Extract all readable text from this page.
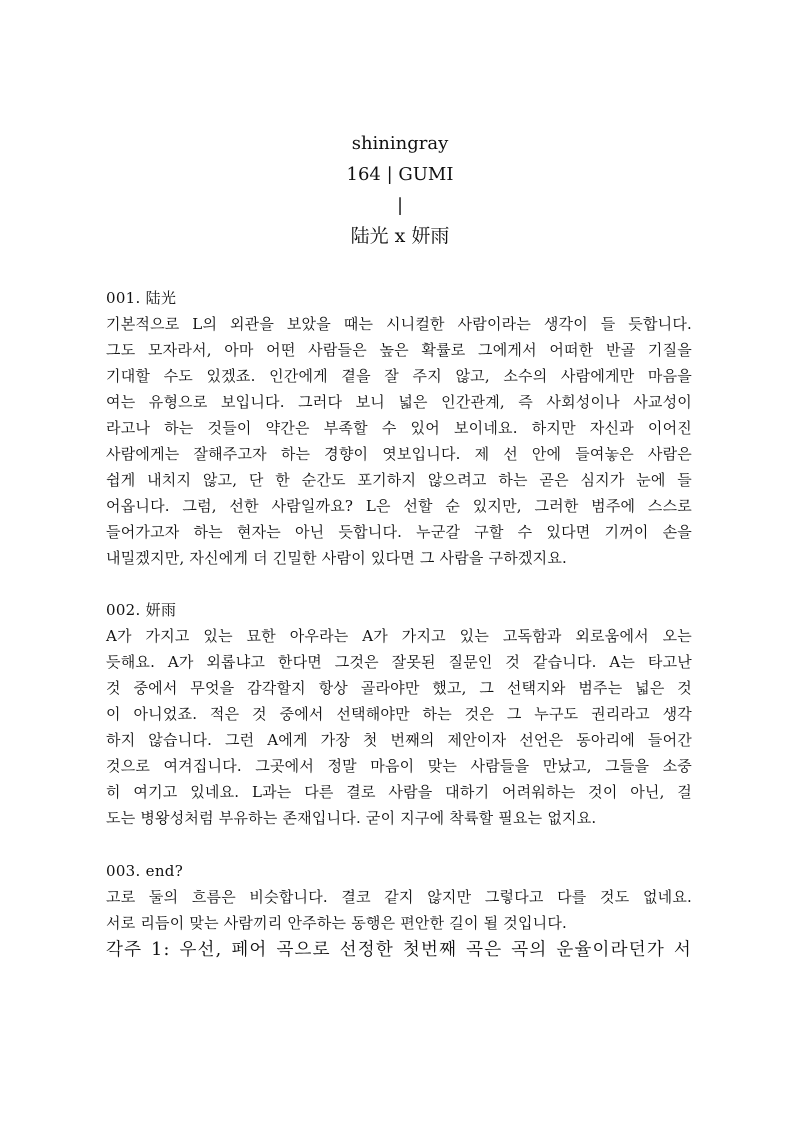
shiningray
164 | GUMI
|
陆光 x 妍雨
001. 陆光
기본적으로 L의 외관을 보았을 때는 시니컬한 사람이라는 생각이 들 듯합니다.
그도 모자라서, 아마 어떤 사람들은 높은 확률로 그에게서 어떠한 반골 기질을
기대할 수도 있겠죠. 인간에게 곁을 잘 주지 않고, 소수의 사람에게만 마음을
여는 유형으로 보입니다. 그러다 보니 넓은 인간관계, 즉 사회성이나 사교성이
라고나 하는 것들이 약간은 부족할 수 있어 보이네요. 하지만 자신과 이어진
사람에게는 잘해주고자 하는 경향이 엿보입니다. 제 선 안에 들여놓은 사람은
쉽게 내치지 않고, 단 한 순간도 포기하지 않으려고 하는 곧은 심지가 눈에 들
어옵니다. 그럼, 선한 사람일까요? L은 선할 순 있지만, 그러한 범주에 스스로
들어가고자 하는 현자는 아닌 듯합니다. 누군갈 구할 수 있다면 기꺼이 손을
내밀겠지만, 자신에게 더 긴밀한 사람이 있다면 그 사람을 구하겠지요.
002. 妍雨
A가 가지고 있는 묘한 아우라는 A가 가지고 있는 고독함과 외로움에서 오는
듯해요. A가 외롭냐고 한다면 그것은 잘못된 질문인 것 같습니다. A는 타고난
것 중에서 무엇을 감각할지 항상 골라야만 했고, 그 선택지와 범주는 넓은 것
이 아니었죠. 적은 것 중에서 선택해야만 하는 것은 그 누구도 권리라고 생각
하지 않습니다. 그런 A에게 가장 첫 번째의 제안이자 선언은 동아리에 들어간
것으로 여겨집니다. 그곳에서 정말 마음이 맞는 사람들을 만났고, 그들을 소중
히 여기고 있네요. L과는 다른 결로 사람을 대하기 어려워하는 것이 아닌, 걸
도는 병왕성처럼 부유하는 존재입니다. 굳이 지구에 착륙할 필요는 없지요.
003. end?
고로 둘의 흐름은 비슷합니다. 결코 같지 않지만 그렇다고 다를 것도 없네요.
서로 리듬이 맞는 사람끼리 안주하는 동행은 편안한 길이 될 것입니다.
각주 1: 우선, 페어 곡으로 선정한 첫번째 곡은 곡의 운율이라던가 서
